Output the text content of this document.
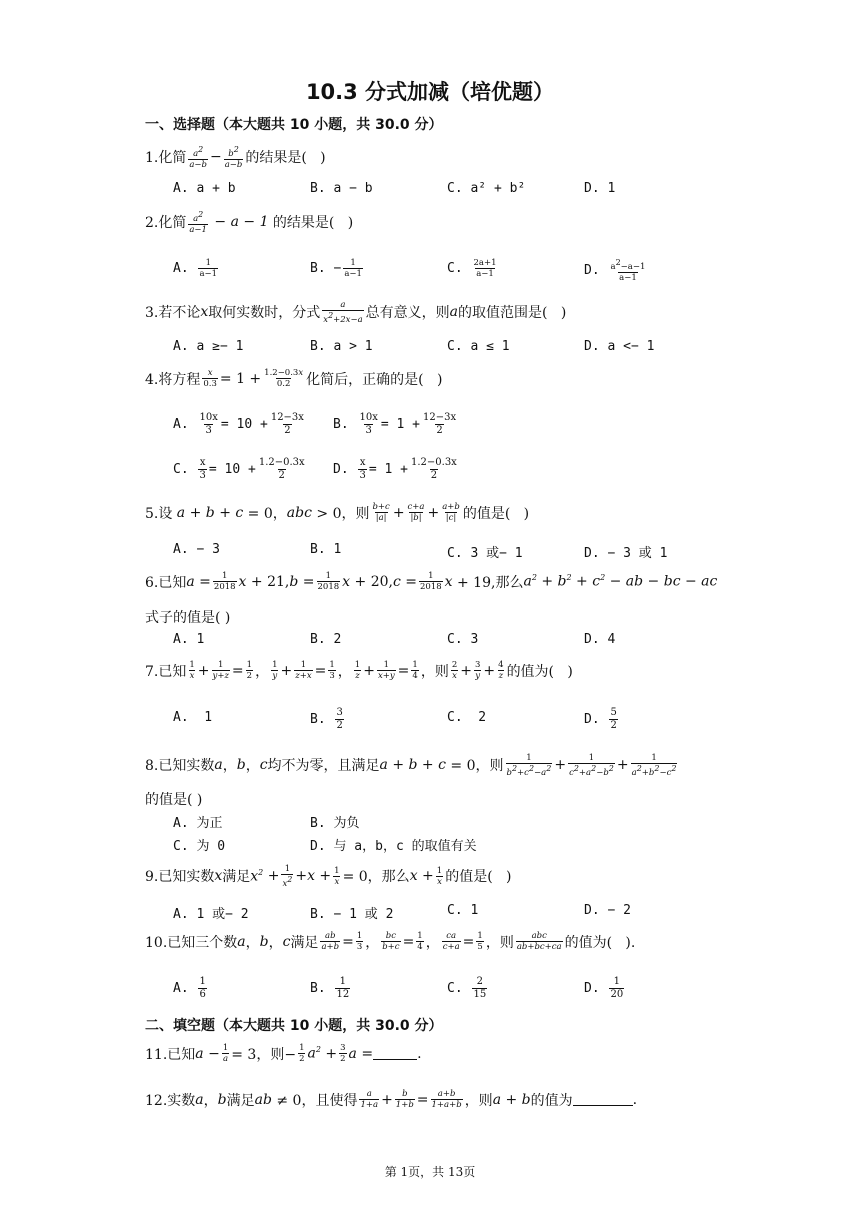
10.3 分式加减（培优题）
一、选择题（本大题共 10 小题，共 30.0 分）
1.化简 $\frac{a^2}{a-b} - \frac{b^2}{a-b}$ 的结果是(   )
A. a + b	B. a − b	C. a² + b²	D. 1
2.化简 $\frac{a^2}{a-1} - a - 1$ 的结果是(   )
A. $\frac{1}{a-1}$	B. − $\frac{1}{a-1}$	C. $\frac{2a+1}{a-1}$	D. $\frac{a^2-a-1}{a-1}$
3.若不论 x 取何实数时，分式 $\frac{a}{x^2+2x-a}$ 总有意义，则 a 的取值范围是(   )
A. a ≥− 1	B. a > 1	C. a ≤ 1	D. a <− 1
4.将方程 $\frac{x}{0.3} = 1 + \frac{1.2-0.3x}{0.2}$ 化简后，正确的是(   )
A. $\frac{10x}{3} = 10 + \frac{12-3x}{2} B$. $\frac{10x}{3} = 1 + \frac{12-3x}{2}$
C. $\frac{x}{3} = 10 + \frac{1.2-0.3x}{2} D$. $\frac{x}{3} = 1 + \frac{1.2-0.3x}{2}$
5.设 a + b + c = 0， abc > 0，则 $\frac{b+c}{|a|} + \frac{c+a}{|b|} + \frac{a+b}{|c|}$ 的值是(   )
A. − 3	B. 1	C. 3 或− 1	D. − 3 或 1
6.已知 $a = \frac{1}{2018}$ x + 21, $b = \frac{1}{2018}$ x + 20, $c = \frac{1}{2018}$ x + 19,那么 $a^2 + b^2 + c^2$ − ab − bc − ac
式子的值是( )
A. 1	B. 2	C. 3	D. 4
7.已知 $\frac{1}{x} + \frac{1}{y+z} = \frac{1}{2}$ ， $\frac{1}{y} + \frac{1}{z+x} = \frac{1}{3}$ ， $\frac{1}{z} + \frac{1}{x+y} = \frac{1}{4}$ ，则 $\frac{2}{x} + \frac{3}{y} + \frac{4}{z}$ 的值为(   )
A.  1	B. $\frac{3}{2}$	C.  2	D. $\frac{5}{2}$
8.已知实数 a ， b ， c 均不为零，且满足 a + b + c = 0，则 $\frac{1}{b^2+c^2-a^2} + \frac{1}{c^2+a^2-b^2} + \frac{1}{a^2+b^2-c^2}$
的值是( )
A. 为正	B. 为负
C. 为 0	D. 与 a，b，c 的取值有关
9.已知实数 x 满足 $x^2 + \frac{1}{x^2} + x + \frac{1}{x} = 0$，那么 $x + \frac{1}{x}$ 的值是(   )
A. 1 或− 2	B. − 1 或 2	C. 1	D. − 2
10.已知三个数 a ， b ， c 满足 $\frac{ab}{a+b} = \frac{1}{3}$ ， $\frac{bc}{b+c} = \frac{1}{4}$ ， $\frac{ca}{c+a} = \frac{1}{5}$ ，则 $\frac{\text{abc}}{ab+bc+ca}$ 的值为(   ).
A. $\frac{1}{6}$	B. $\frac{1}{12}$	C. $\frac{2}{15}$	D. $\frac{1}{20}$
二、填空题（本大题共 10 小题，共 30.0 分）
11.已知 $a - \frac{1}{a} = 3$，则− $\frac{1}{2} a^2 + \frac{3}{2}$ a =	.
12.实数 a ， b 满足 ab ≠ 0，且使得 $\frac{a}{1+a} + \frac{b}{1+b} = \frac{a+b}{1+a+b}$ ，则 a + b 的值为	.
第 1页，共 13页
